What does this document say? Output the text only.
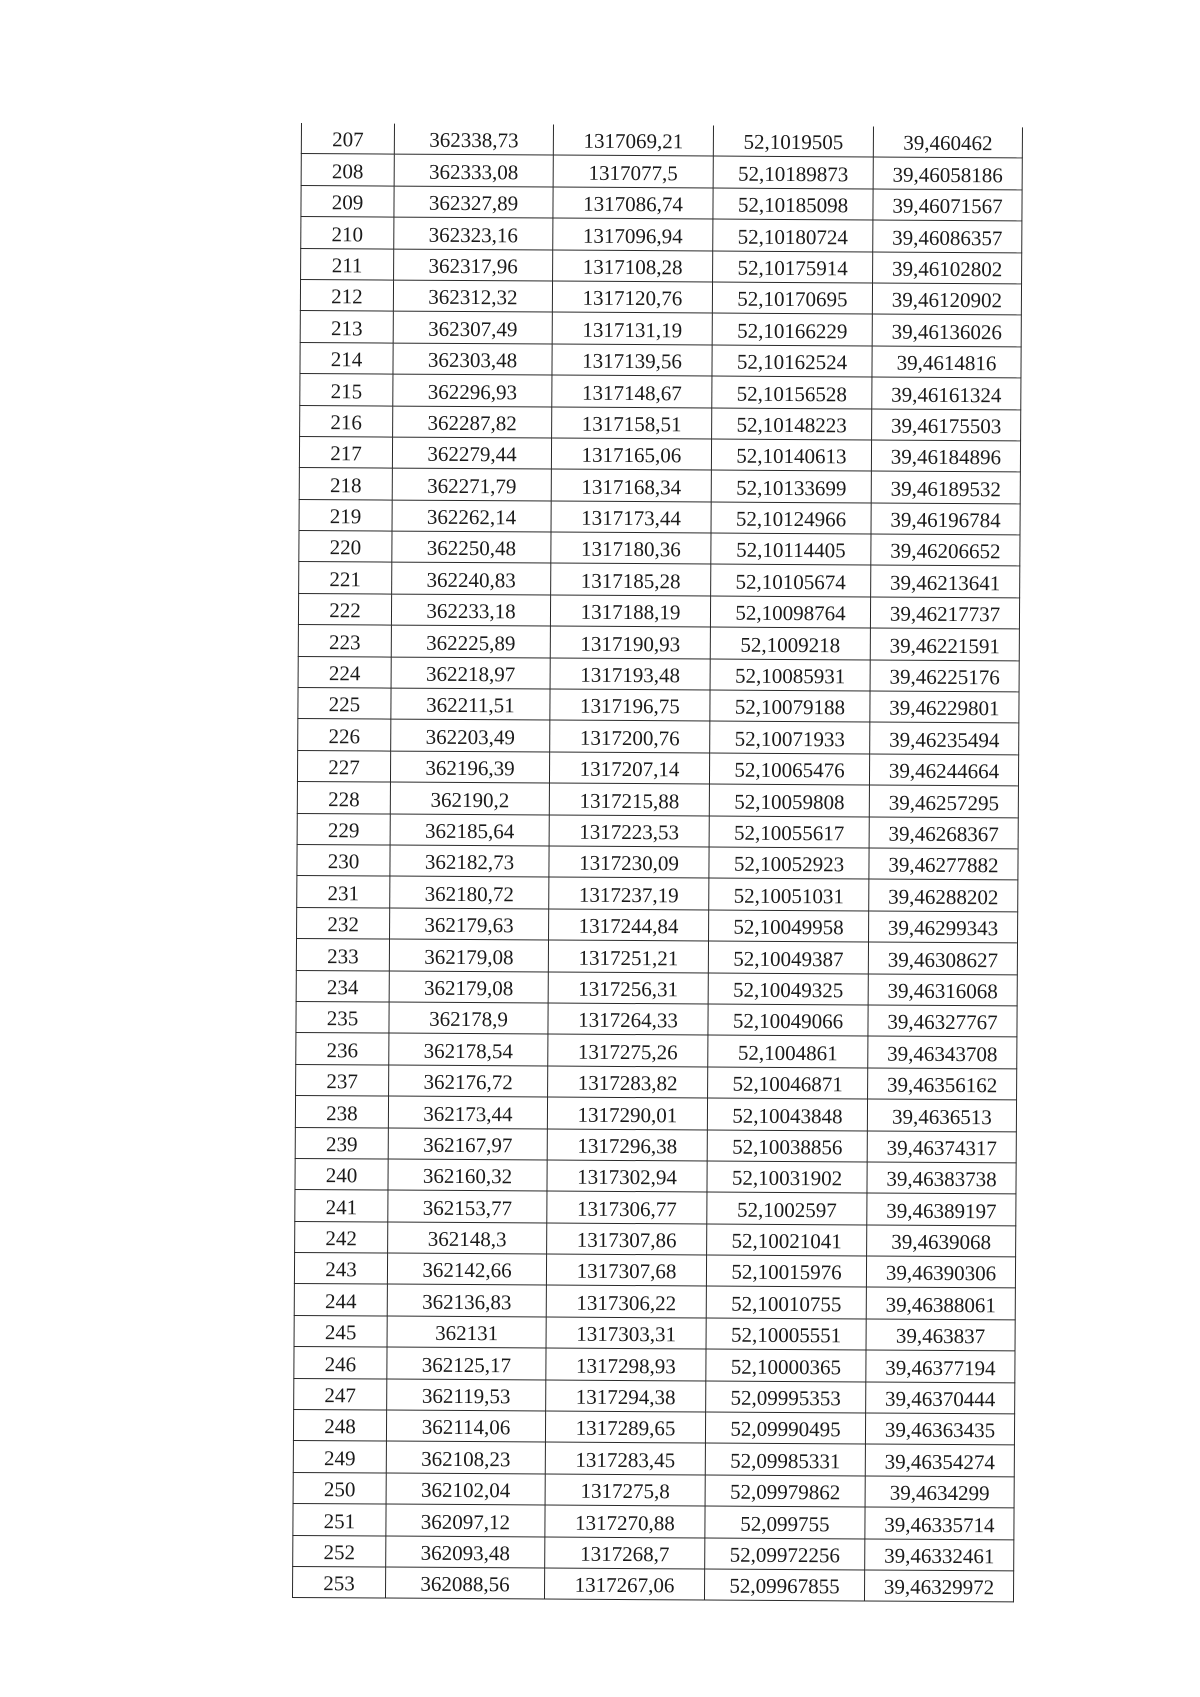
207	362338,73	1317069,21	52,1019505	39,460462
208	362333,08	1317077,5	52,10189873	39,46058186
209	362327,89	1317086,74	52,10185098	39,46071567
210	362323,16	1317096,94	52,10180724	39,46086357
211	362317,96	1317108,28	52,10175914	39,46102802
212	362312,32	1317120,76	52,10170695	39,46120902
213	362307,49	1317131,19	52,10166229	39,46136026
214	362303,48	1317139,56	52,10162524	39,4614816
215	362296,93	1317148,67	52,10156528	39,46161324
216	362287,82	1317158,51	52,10148223	39,46175503
217	362279,44	1317165,06	52,10140613	39,46184896
218	362271,79	1317168,34	52,10133699	39,46189532
219	362262,14	1317173,44	52,10124966	39,46196784
220	362250,48	1317180,36	52,10114405	39,46206652
221	362240,83	1317185,28	52,10105674	39,46213641
222	362233,18	1317188,19	52,10098764	39,46217737
223	362225,89	1317190,93	52,1009218	39,46221591
224	362218,97	1317193,48	52,10085931	39,46225176
225	362211,51	1317196,75	52,10079188	39,46229801
226	362203,49	1317200,76	52,10071933	39,46235494
227	362196,39	1317207,14	52,10065476	39,46244664
228	362190,2	1317215,88	52,10059808	39,46257295
229	362185,64	1317223,53	52,10055617	39,46268367
230	362182,73	1317230,09	52,10052923	39,46277882
231	362180,72	1317237,19	52,10051031	39,46288202
232	362179,63	1317244,84	52,10049958	39,46299343
233	362179,08	1317251,21	52,10049387	39,46308627
234	362179,08	1317256,31	52,10049325	39,46316068
235	362178,9	1317264,33	52,10049066	39,46327767
236	362178,54	1317275,26	52,1004861	39,46343708
237	362176,72	1317283,82	52,10046871	39,46356162
238	362173,44	1317290,01	52,10043848	39,4636513
239	362167,97	1317296,38	52,10038856	39,46374317
240	362160,32	1317302,94	52,10031902	39,46383738
241	362153,77	1317306,77	52,1002597	39,46389197
242	362148,3	1317307,86	52,10021041	39,4639068
243	362142,66	1317307,68	52,10015976	39,46390306
244	362136,83	1317306,22	52,10010755	39,46388061
245	362131	1317303,31	52,10005551	39,463837
246	362125,17	1317298,93	52,10000365	39,46377194
247	362119,53	1317294,38	52,09995353	39,46370444
248	362114,06	1317289,65	52,09990495	39,46363435
249	362108,23	1317283,45	52,09985331	39,46354274
250	362102,04	1317275,8	52,09979862	39,4634299
251	362097,12	1317270,88	52,099755	39,46335714
252	362093,48	1317268,7	52,09972256	39,46332461
253	362088,56	1317267,06	52,09967855	39,46329972
